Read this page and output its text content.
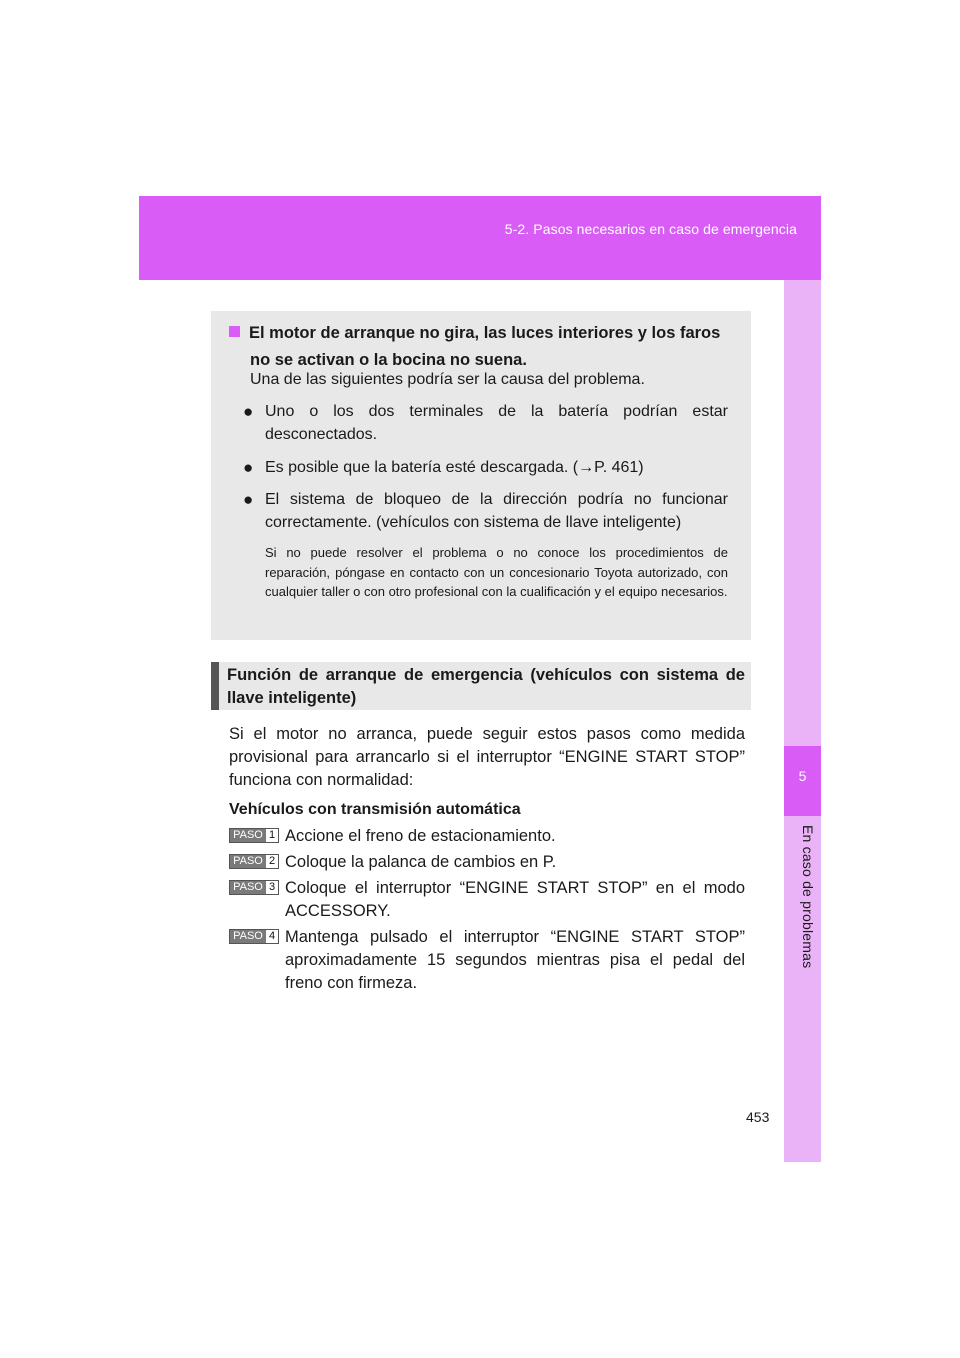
5-2. Pasos necesarios en caso de emergencia
5
En caso de problemas
El motor de arranque no gira, las luces interiores y los faros
no se activan o la bocina no suena.
Una de las siguientes podría ser la causa del problema.
● Uno o los dos terminales de la batería podrían estar desconectados.
● Es posible que la batería esté descargada. (→P. 461)
● El sistema de bloqueo de la dirección podría no funcionar correctamente. (vehículos con sistema de llave inteligente)
Si no puede resolver el problema o no conoce los procedimientos de reparación, póngase en contacto con un concesionario Toyota autorizado, con cualquier taller o con otro profesional con la cualificación y el equipo necesarios.
Función de arranque de emergencia (vehículos con sistema de llave inteligente)
Si el motor no arranca, puede seguir estos pasos como medida provisional para arrancarlo si el interruptor “ENGINE START STOP” funciona con normalidad:
Vehículos con transmisión automática
PASO 1 Accione el freno de estacionamiento.
PASO 2 Coloque la palanca de cambios en P.
PASO 3 Coloque el interruptor “ENGINE START STOP” en el modo ACCESSORY.
PASO 4 Mantenga pulsado el interruptor “ENGINE START STOP” aproximadamente 15 segundos mientras pisa el pedal del freno con firmeza.
453
